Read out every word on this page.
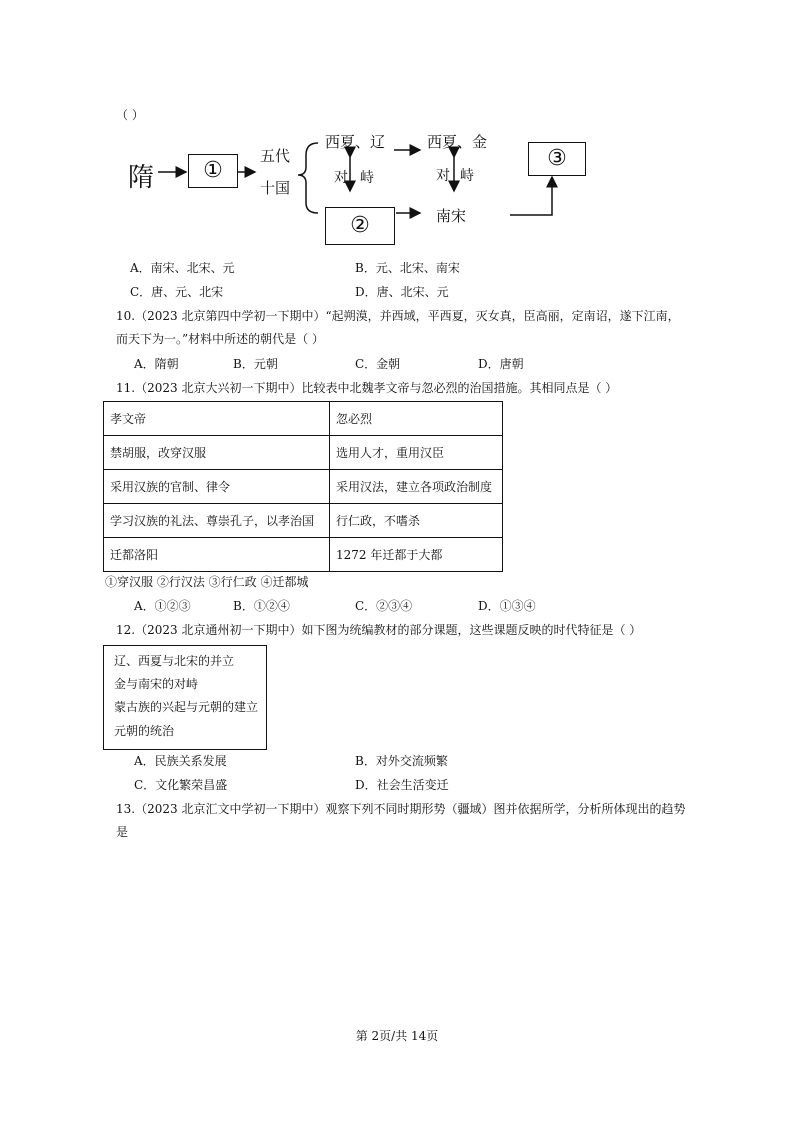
（ ）
隋	①
五代
十国
西夏、辽	西夏、金
对 峙	对 峙
②	南宋
③
A．南宋、北宋、元	B．元、北宋、南宋
C．唐、元、北宋	D．唐、北宋、元
10.（2023 北京第四中学初一下期中）“起朔漠，并西域，平西夏，灭女真，臣高丽，定南诏，遂下江南，
而天下为一。”材料中所述的朝代是（ ）
A．隋朝	B．元朝	C．金朝	D．唐朝
11.（2023 北京大兴初一下期中）比较表中北魏孝文帝与忽必烈的治国措施。其相同点是（ ）
孝文帝	忽必烈
禁胡服，改穿汉服	选用人才，重用汉臣
采用汉族的官制、律令	采用汉法，建立各项政治制度
学习汉族的礼法、尊崇孔子，以孝治国	行仁政，不嗜杀
迁都洛阳	1272 年迁都于大都
①穿汉服 ②行汉法 ③行仁政 ④迁都城
A．①②③	B．①②④	C．②③④	D．①③④
12.（2023 北京通州初一下期中）如下图为统编教材的部分课题，这些课题反映的时代特征是（ ）
辽、西夏与北宋的并立
金与南宋的对峙
蒙古族的兴起与元朝的建立
元朝的统治
A．民族关系发展	B．对外交流频繁
C．文化繁荣昌盛	D．社会生活变迁
13.（2023 北京汇文中学初一下期中）观察下列不同时期形势（疆域）图并依据所学，分析所体现出的趋势
是
第 2页/共 14页
